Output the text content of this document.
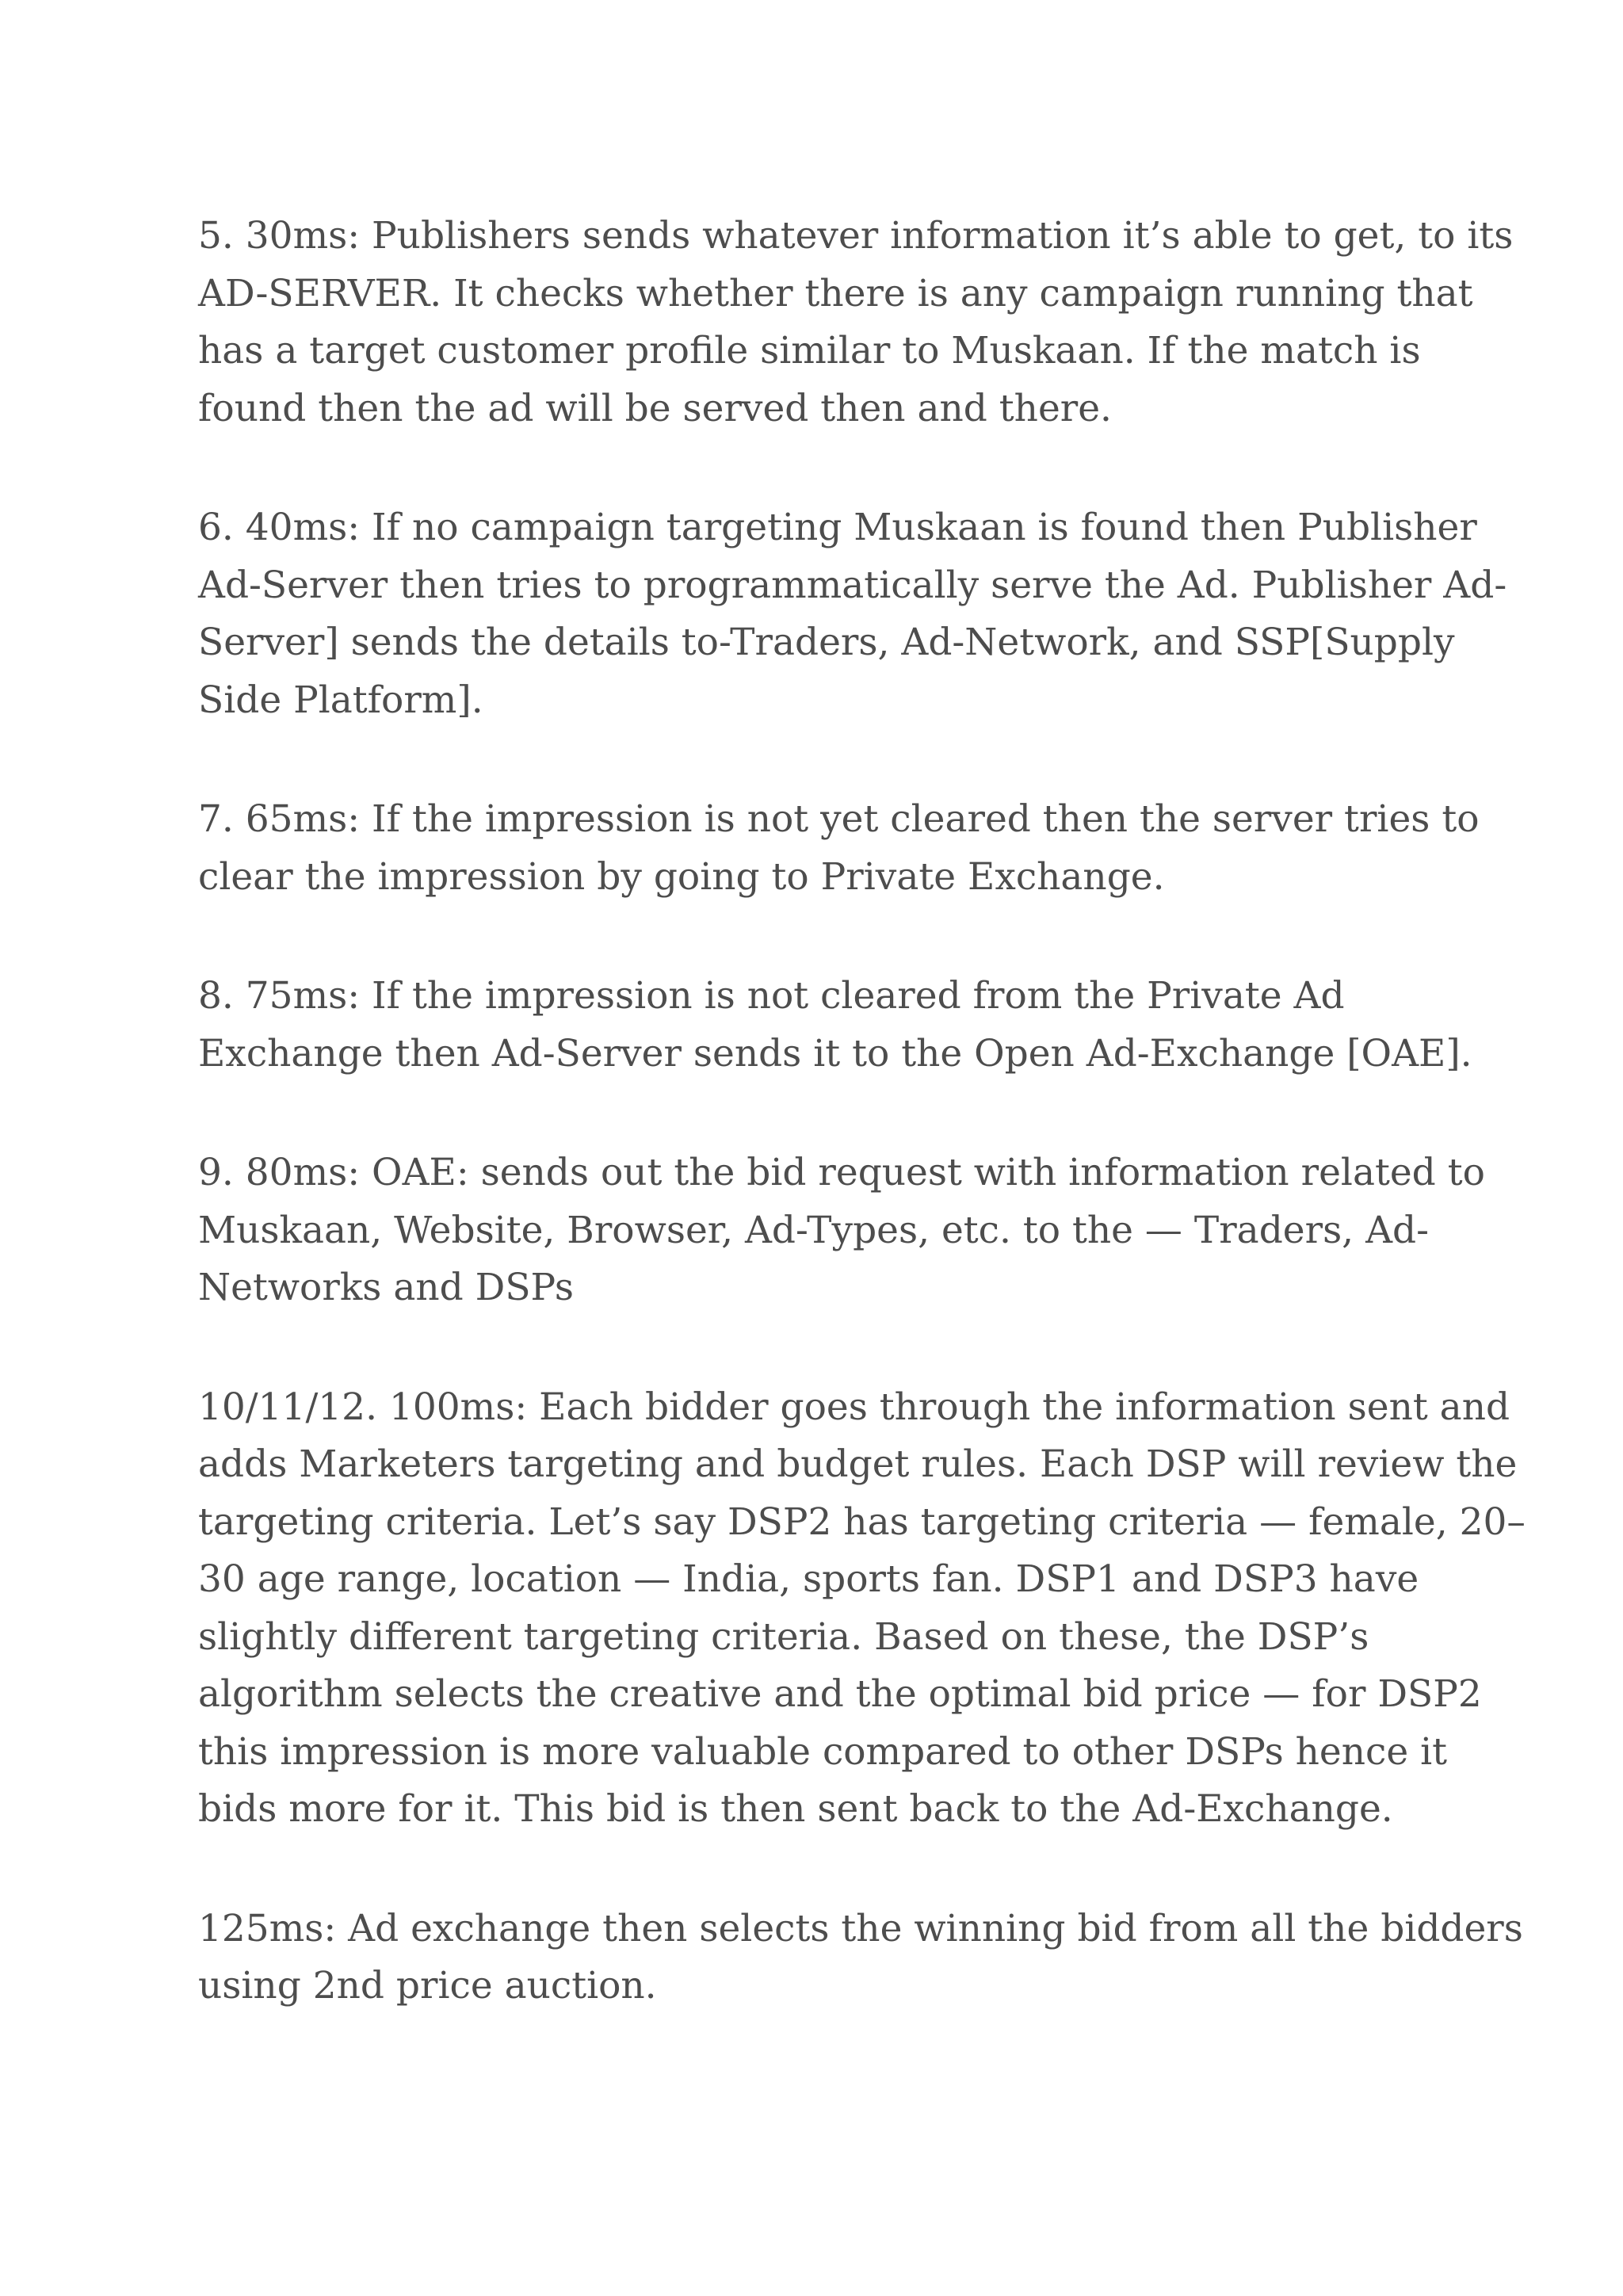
5. 30ms: Publishers sends whatever information it’s able to get, to its
AD-SERVER. It checks whether there is any campaign running that
has a target customer profile similar to Muskaan. If the match is
found then the ad will be served then and there.

6. 40ms: If no campaign targeting Muskaan is found then Publisher
Ad-Server then tries to programmatically serve the Ad. Publisher Ad-
Server] sends the details to-Traders, Ad-Network, and SSP[Supply
Side Platform].

7. 65ms: If the impression is not yet cleared then the server tries to
clear the impression by going to Private Exchange.

8. 75ms: If the impression is not cleared from the Private Ad
Exchange then Ad-Server sends it to the Open Ad-Exchange [OAE].

9. 80ms: OAE: sends out the bid request with information related to
Muskaan, Website, Browser, Ad-Types, etc. to the — Traders, Ad-
Networks and DSPs

10/11/12. 100ms: Each bidder goes through the information sent and
adds Marketers targeting and budget rules. Each DSP will review the
targeting criteria. Let’s say DSP2 has targeting criteria — female, 20–
30 age range, location — India, sports fan. DSP1 and DSP3 have
slightly different targeting criteria. Based on these, the DSP’s
algorithm selects the creative and the optimal bid price — for DSP2
this impression is more valuable compared to other DSPs hence it
bids more for it. This bid is then sent back to the Ad-Exchange.

125ms: Ad exchange then selects the winning bid from all the bidders
using 2nd price auction.
